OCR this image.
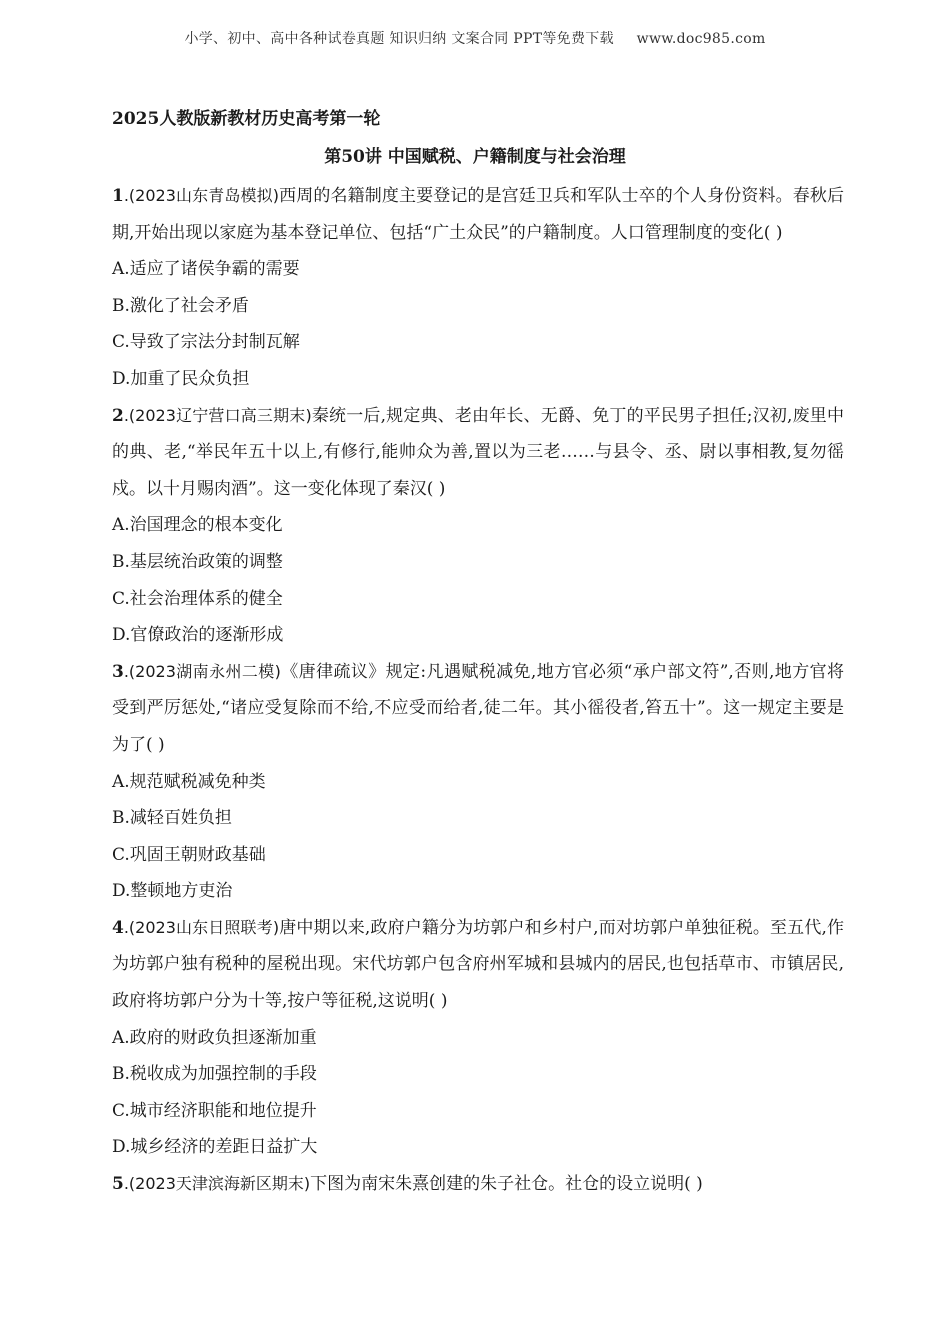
小学、初中、高中各种试卷真题 知识归纳 文案合同 PPT等免费下载 www.doc985.com
2025人教版新教材历史高考第一轮
第50讲 中国赋税、户籍制度与社会治理
1.(2023山东青岛模拟)西周的名籍制度主要登记的是宫廷卫兵和军队士卒的个人身份资料。春秋后期,开始出现以家庭为基本登记单位、包括“广土众民”的户籍制度。人口管理制度的变化( )
A.适应了诸侯争霸的需要
B.激化了社会矛盾
C.导致了宗法分封制瓦解
D.加重了民众负担
2.(2023辽宁营口高三期末)秦统一后,规定典、老由年长、无爵、免丁的平民男子担任;汉初,废里中的典、老,“举民年五十以上,有修行,能帅众为善,置以为三老……与县令、丞、尉以事相教,复勿徭戍。以十月赐肉酒”。这一变化体现了秦汉( )
A.治国理念的根本变化
B.基层统治政策的调整
C.社会治理体系的健全
D.官僚政治的逐渐形成
3.(2023湖南永州二模)《唐律疏议》规定:凡遇赋税减免,地方官必须“承户部文符”,否则,地方官将受到严厉惩处,“诸应受复除而不给,不应受而给者,徒二年。其小徭役者,笞五十”。这一规定主要是为了( )
A.规范赋税减免种类
B.减轻百姓负担
C.巩固王朝财政基础
D.整顿地方吏治
4.(2023山东日照联考)唐中期以来,政府户籍分为坊郭户和乡村户,而对坊郭户单独征税。至五代,作为坊郭户独有税种的屋税出现。宋代坊郭户包含府州军城和县城内的居民,也包括草市、市镇居民,政府将坊郭户分为十等,按户等征税,这说明( )
A.政府的财政负担逐渐加重
B.税收成为加强控制的手段
C.城市经济职能和地位提升
D.城乡经济的差距日益扩大
5.(2023天津滨海新区期末)下图为南宋朱熹创建的朱子社仓。社仓的设立说明( )
